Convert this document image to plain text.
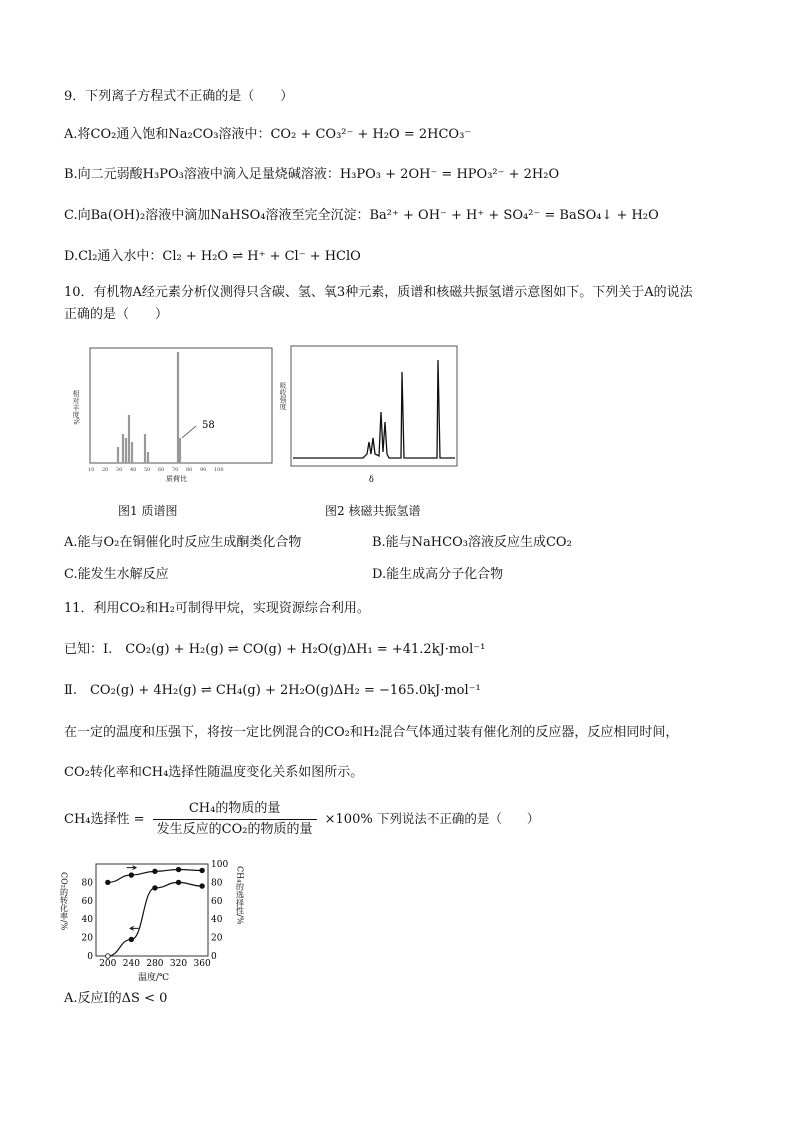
9．下列离子方程式不正确的是（　　）
A.将CO₂通入饱和Na₂CO₃溶液中：CO₂ + CO₃²⁻ + H₂O = 2HCO₃⁻
B.向二元弱酸H₃PO₃溶液中滴入足量烧碱溶液：H₃PO₃ + 2OH⁻ = HPO₃²⁻ + 2H₂O
C.向Ba(OH)₂溶液中滴加NaHSO₄溶液至完全沉淀：Ba²⁺ + OH⁻ + H⁺ + SO₄²⁻ = BaSO₄↓ + H₂O
D.Cl₂通入水中：Cl₂ + H₂O ⇌ H⁺ + Cl⁻ + HClO
10．有机物A经元素分析仪测得只含碳、氢、氧3种元素，质谱和核磁共振氢谱示意图如下。下列关于A的说法
正确的是（　　）
相对丰度%
58
10 20 30 40 50 60 70 80 90 100
质荷比
吸收强度
δ
图1 质谱图	图2 核磁共振氢谱
A.能与O₂在铜催化时反应生成酮类化合物	B.能与NaHCO₃溶液反应生成CO₂
C.能发生水解反应	D.能生成高分子化合物
11．利用CO₂和H₂可制得甲烷，实现资源综合利用。
已知：Ⅰ.　CO₂(g) + H₂(g) ⇌ CO(g) + H₂O(g)ΔH₁ = +41.2kJ·mol⁻¹
Ⅱ.　CO₂(g) + 4H₂(g) ⇌ CH₄(g) + 2H₂O(g)ΔH₂ = −165.0kJ·mol⁻¹
在一定的温度和压强下，将按一定比例混合的CO₂和H₂混合气体通过装有催化剂的反应器，反应相同时间，
CO₂转化率和CH₄选择性随温度变化关系如图所示。
CH₄选择性 = $\frac{\text{CH₄的物质的量}}{\text{发生反应的CO₂的物质的量}} \times 100\%$ 下列说法不正确的是（　　）
CO₂的转化率/%	CH₄的选择性/%
温度/℃
200 240 280 320 360
0
20
40
60
80
0
20
40
60
80
100
A.反应Ⅰ的ΔS < 0
